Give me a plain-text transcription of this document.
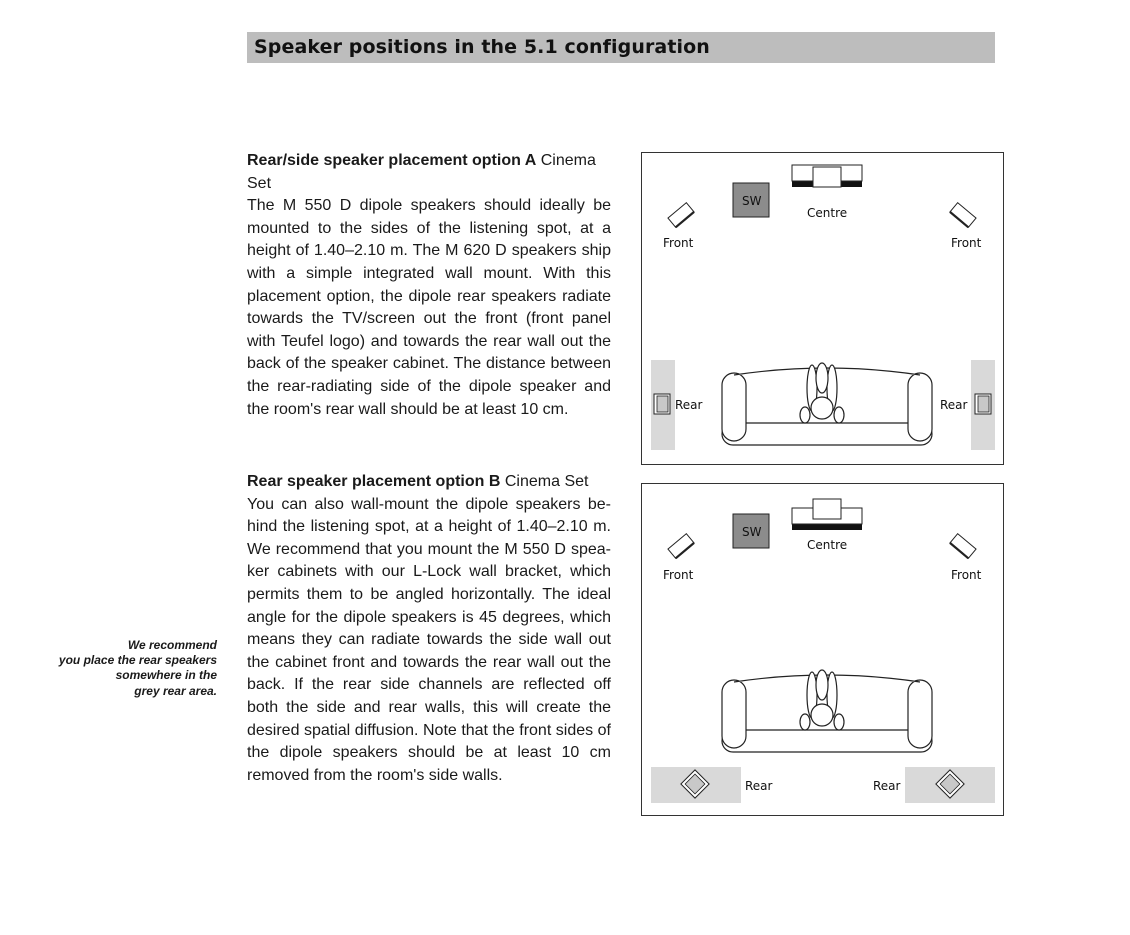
Speaker positions in the 5.1 configuration

Rear/side speaker placement option A Cinema Set

The M 550 D dipole speakers should ideally be mounted to the sides of the listening spot, at a height of 1.40–2.10 m. The M 620 D speakers ship with a simple integrated wall mount. With this placement option, the dipole rear speakers radiate towards the TV/screen out the front (front panel with Teufel logo) and towards the rear wall out the back of the speaker cabinet. The distance between the rear-radiating side of the dipole speaker and the room's rear wall should be at least 10 cm.

Rear speaker placement option B Cinema Set

You can also wall-mount the dipole speakers behind the listening spot, at a height of 1.40–2.10 m. We recommend that you mount the M 550 D speaker cabinets with our L-Lock wall bracket, which permits them to be angled horizontally. The ideal angle for the dipole speakers is 45 degrees, which means they can radiate towards the side wall out the cabinet front and towards the rear wall out the back. If the rear side channels are reflected off both the side and rear walls, this will create the desired spatial diffusion. Note that the front sides of the dipole speakers should be at least 10 cm removed from the room's side walls.

We recommend
you place the rear speakers
somewhere in the
grey rear area.
Centre
SW
Front	Front
Rear	Rear
Centre
SW
Front	Front
Rear	Rear
